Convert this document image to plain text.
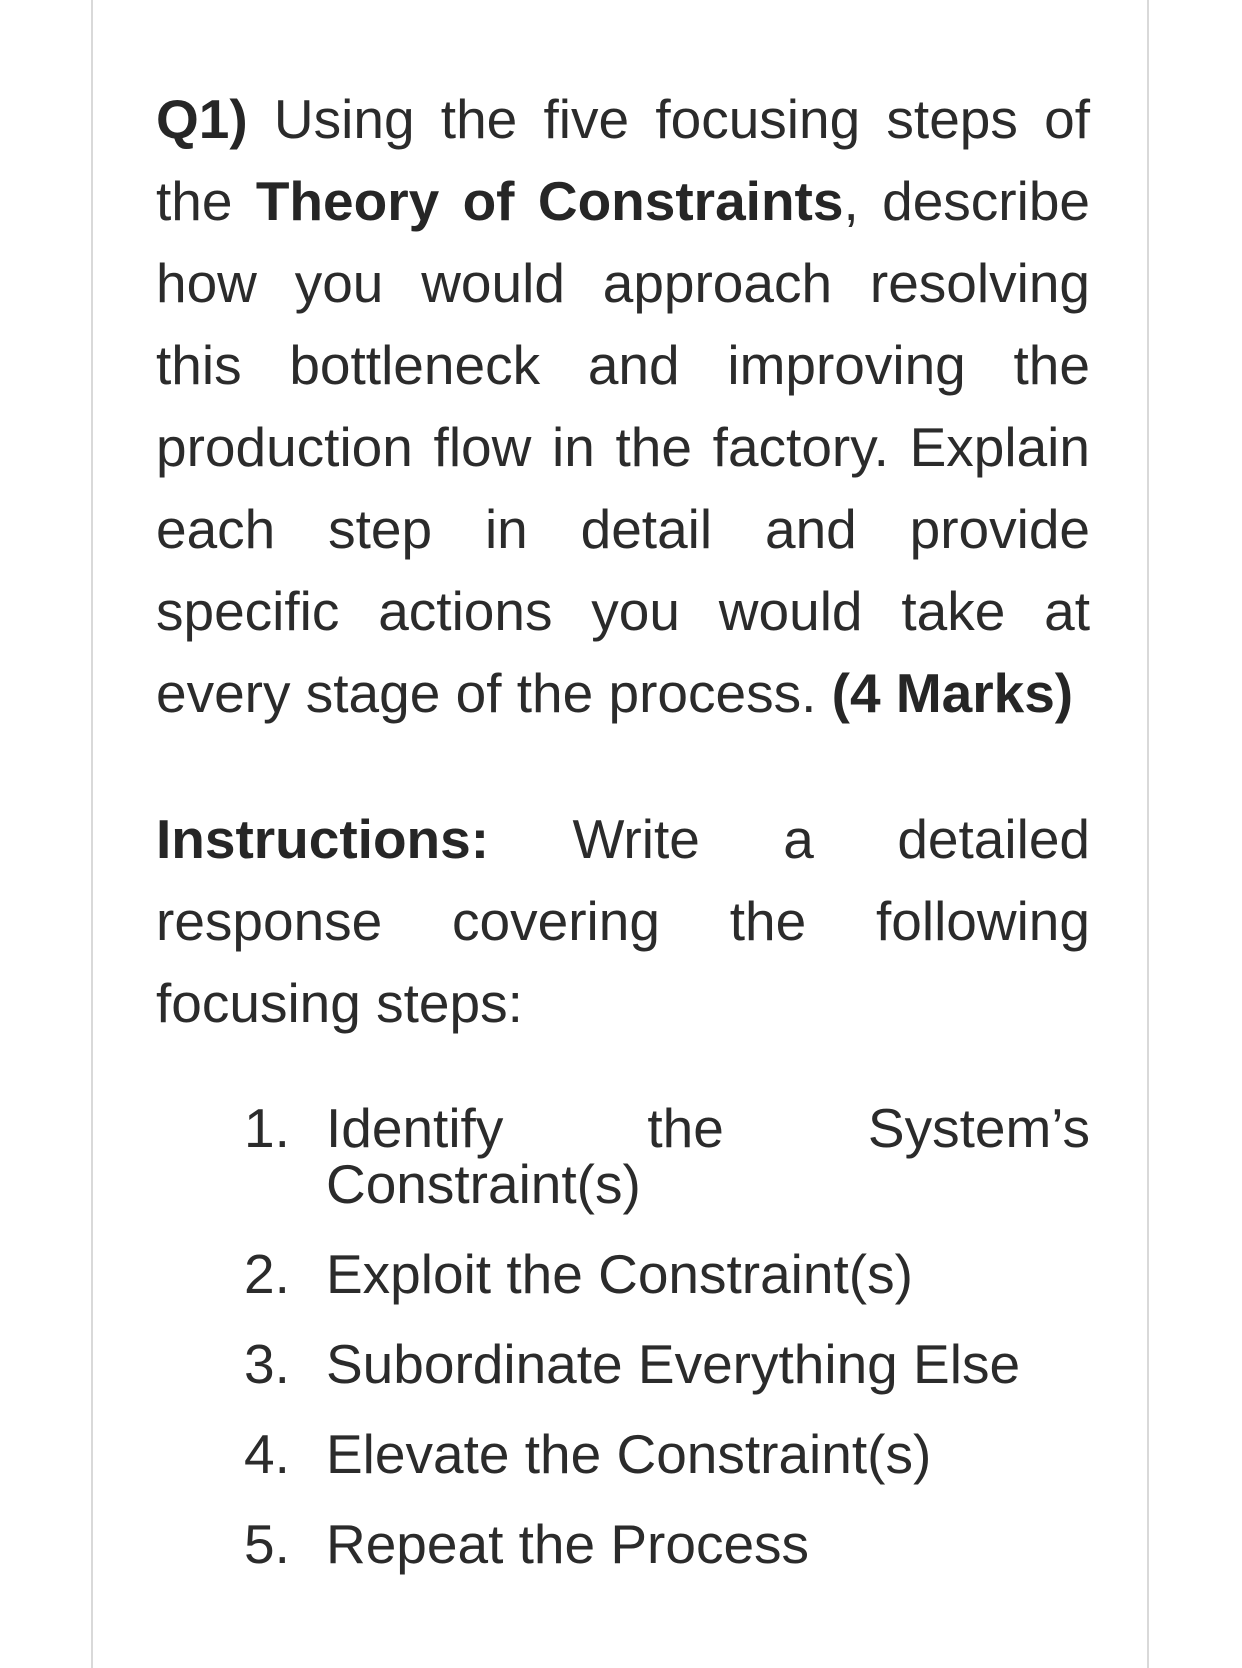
Q1) Using the five focusing steps of the Theory of Constraints, describe how you would approach resolving this bottleneck and improving the production flow in the factory. Explain each step in detail and provide specific actions you would take at every stage of the process. (4 Marks)

Instructions: Write a detailed response covering the following focusing steps:

1. Identify the System’s Constraint(s)
2. Exploit the Constraint(s)
3. Subordinate Everything Else
4. Elevate the Constraint(s)
5. Repeat the Process
